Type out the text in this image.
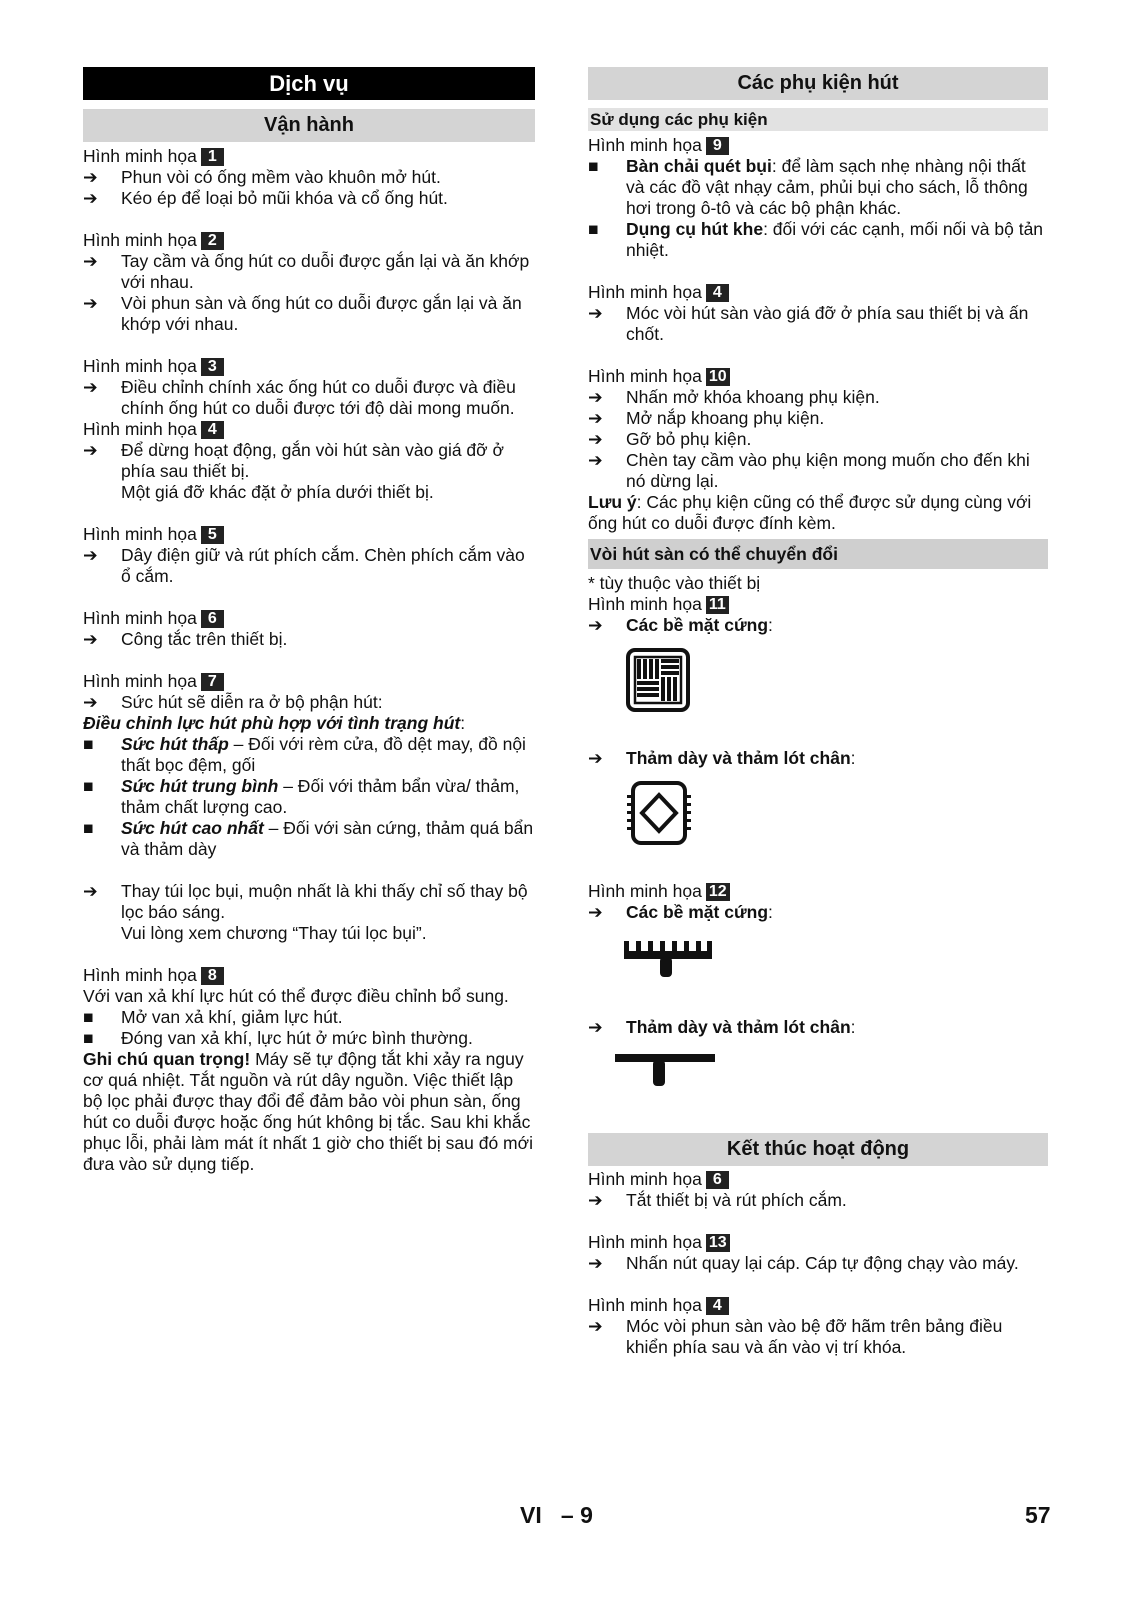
Dịch vụ
Vận hành
Hình minh họa 1
➔	Phun vòi có ống mềm vào khuôn mở hút.
➔	Kéo ép để loại bỏ mũi khóa và cổ ống hút.
Hình minh họa 2
➔	Tay cầm và ống hút co duỗi được gắn lại và ăn khớp với nhau.
➔	Vòi phun sàn và ống hút co duỗi được gắn lại và ăn khớp với nhau.
Hình minh họa 3
➔	Điều chỉnh chính xác ống hút co duỗi được và điều chính ống hút co duỗi được tới độ dài mong muốn.
Hình minh họa 4
➔	Để dừng hoạt động, gắn vòi hút sàn vào giá đỡ ở phía sau thiết bị.
Một giá đỡ khác đặt ở phía dưới thiết bị.
Hình minh họa 5
➔	Dây điện giữ và rút phích cắm. Chèn phích cắm vào ổ cắm.
Hình minh họa 6
➔	Công tắc trên thiết bị.
Hình minh họa 7
➔	Sức hút sẽ diễn ra ở bộ phận hút:
Điều chỉnh lực hút phù hợp với tình trạng hút:
■	Sức hút thấp – Đối với rèm cửa, đồ dệt may, đồ nội thất bọc đệm, gối
■	Sức hút trung bình – Đối với thảm bẩn vừa/ thảm, thảm chất lượng cao.
■	Sức hút cao nhất – Đối với sàn cứng, thảm quá bẩn và thảm dày
➔	Thay túi lọc bụi, muộn nhất là khi thấy chỉ số thay bộ lọc báo sáng.
Vui lòng xem chương “Thay túi lọc bụi”.
Hình minh họa 8
Với van xả khí lực hút có thể được điều chỉnh bổ sung.
■	Mở van xả khí, giảm lực hút.
■	Đóng van xả khí, lực hút ở mức bình thường.
Ghi chú quan trọng! Máy sẽ tự động tắt khi xảy ra nguy cơ quá nhiệt. Tắt nguồn và rút dây nguồn. Việc thiết lập bộ lọc phải được thay đổi để đảm bảo vòi phun sàn, ống hút co duỗi được hoặc ống hút không bị tắc. Sau khi khắc phục lỗi, phải làm mát ít nhất 1 giờ cho thiết bị sau đó mới đưa vào sử dụng tiếp.
Các phụ kiện hút
Sử dụng các phụ kiện
Hình minh họa 9
■	Bàn chải quét bụi: để làm sạch nhẹ nhàng nội thất và các đồ vật nhạy cảm, phủi bụi cho sách, lỗ thông hơi trong ô-tô và các bộ phận khác.
■	Dụng cụ hút khe: đối với các cạnh, mối nối và bộ tản nhiệt.
Hình minh họa 4
➔	Móc vòi hút sàn vào giá đỡ ở phía sau thiết bị và ấn chốt.
Hình minh họa 10
➔	Nhấn mở khóa khoang phụ kiện.
➔	Mở nắp khoang phụ kiện.
➔	Gỡ bỏ phụ kiện.
➔	Chèn tay cầm vào phụ kiện mong muốn cho đến khi nó dừng lại.
Lưu ý: Các phụ kiện cũng có thể được sử dụng cùng với ống hút co duỗi được đính kèm.
Vòi hút sàn có thể chuyển đổi
* tùy thuộc vào thiết bị
Hình minh họa 11
➔	Các bề mặt cứng:
➔	Thảm dày và thảm lót chân:
Hình minh họa 12
➔	Các bề mặt cứng:
➔	Thảm dày và thảm lót chân:
Kết thúc hoạt động
Hình minh họa 6
➔	Tắt thiết bị và rút phích cắm.
Hình minh họa 13
➔	Nhấn nút quay lại cáp. Cáp tự động chạy vào máy.
Hình minh họa 4
➔	Móc vòi phun sàn vào bệ đỡ hãm trên bảng điều khiển phía sau và ấn vào vị trí khóa.
VI – 9	57
